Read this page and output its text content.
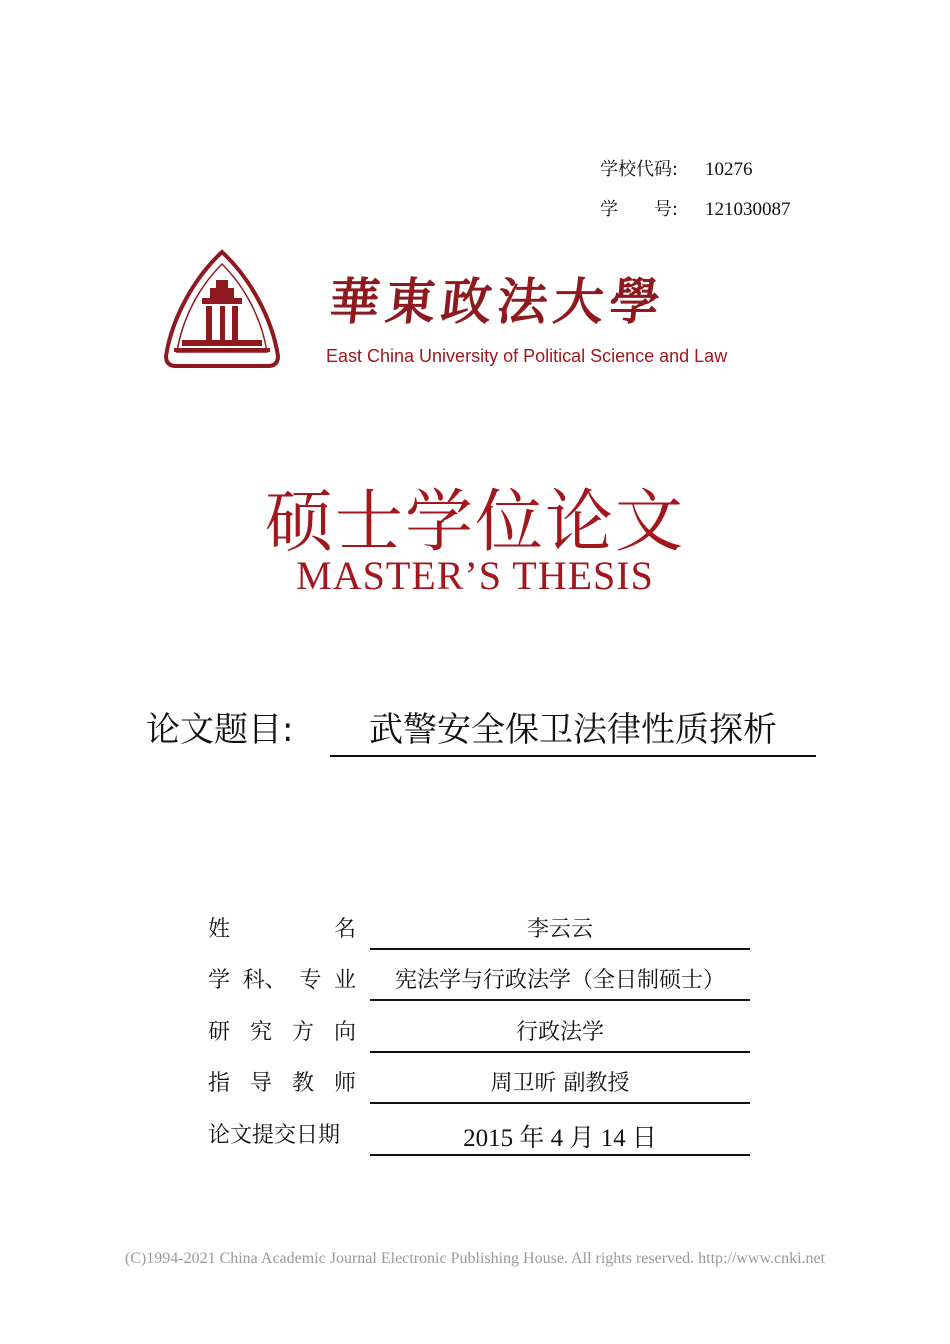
学校代码: 10276
学　　号: 121030087
華東政法大學
East China University of Political Science and Law
硕士学位论文
MASTER’S THESIS
论文题目:	武警安全保卫法律性质探析
姓	名	李云云
学 科、 专 业	宪法学与行政法学（全日制硕士）
研 究 方 向	行政法学
指 导 教 师	周卫昕 副教授
论文提交日期	2015 年 4 月 14 日
(C)1994-2021 China Academic Journal Electronic Publishing House. All rights reserved. http://www.cnki.net
